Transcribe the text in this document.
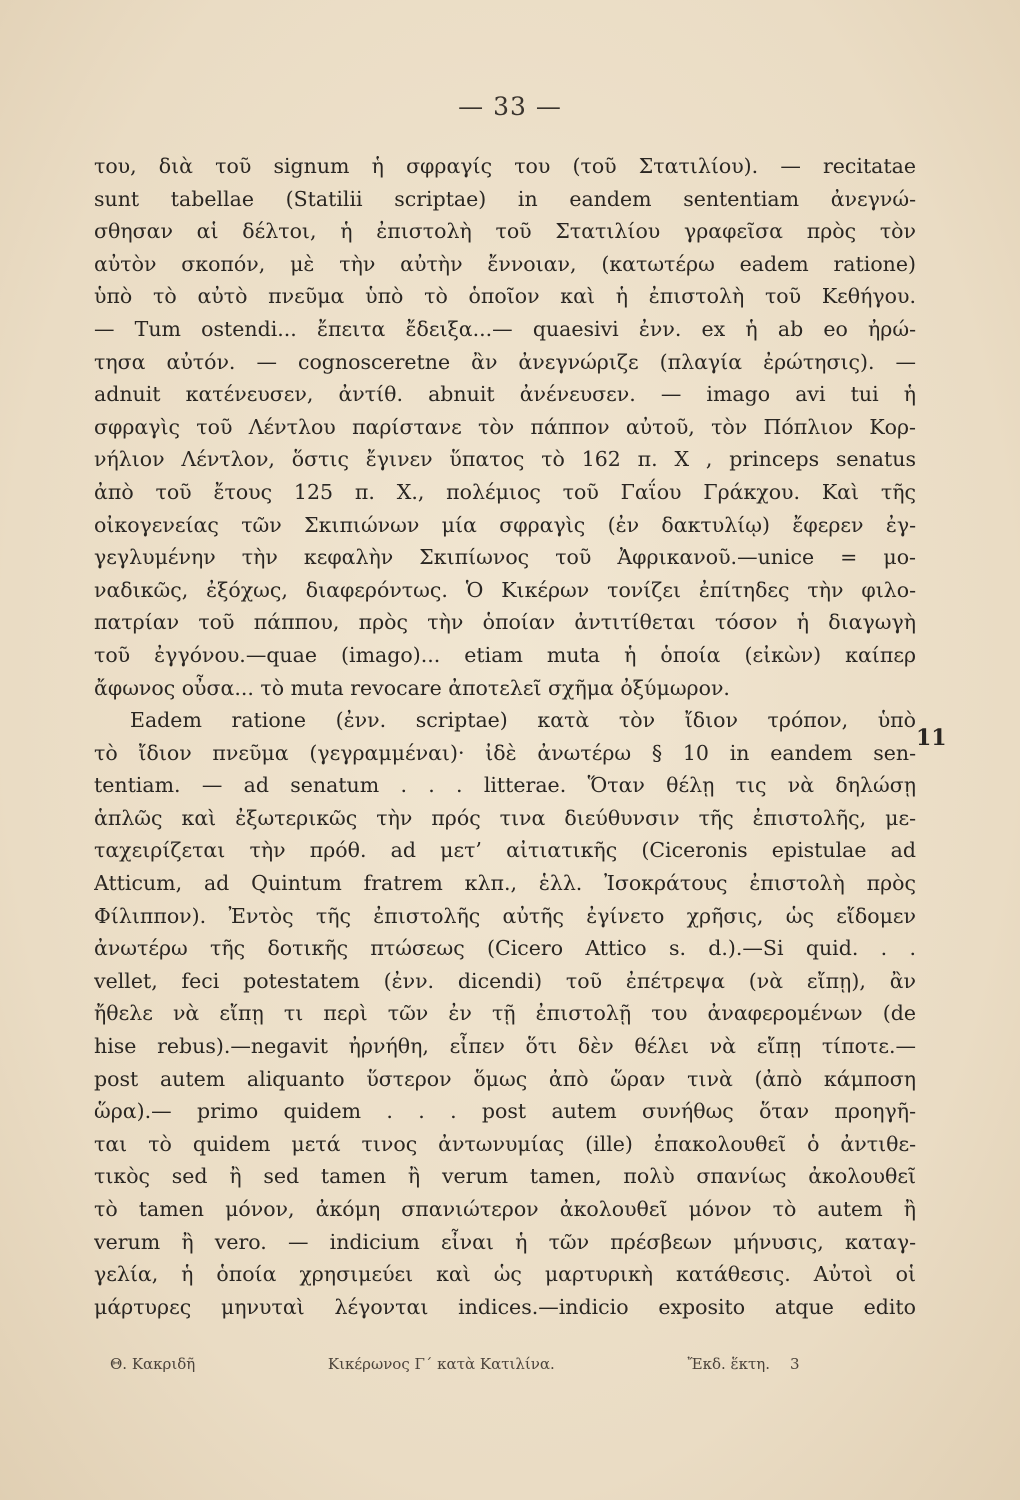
— 33 —
του, διὰ τοῦ signum ἡ σφραγίς του (τοῦ Στατιλίου). — recitatae
sunt tabellae (Statilii scriptae) in eandem sententiam ἀνεγνώ-
σθησαν αἱ δέλτοι, ἡ ἐπιστολὴ τοῦ Στατιλίου γραφεῖσα πρὸς τὸν
αὐτὸν σκοπόν, μὲ τὴν αὐτὴν ἔννοιαν, (κατωτέρω eadem ratione)
ὑπὸ τὸ αὐτὸ πνεῦμα ὑπὸ τὸ ὁποῖον καὶ ἡ ἐπιστολὴ τοῦ Κεθήγου.
— Tum ostendi... ἔπειτα ἔδειξα...— quaesivi ἐνν. ex ἡ ab eo ἠρώ-
τησα αὐτόν. — cognosceretne ἂν ἀνεγνώριζε (πλαγία ἐρώτησις). —
adnuit κατένευσεν, ἀντίθ. abnuit ἀνένευσεν. — imago avi tui ἡ
σφραγὶς τοῦ Λέντλου παρίστανε τὸν πάππον αὐτοῦ, τὸν Πόπλιον Κορ-
νήλιον Λέντλον, ὅστις ἔγινεν ὕπατος τὸ 162 π. Χ , princeps senatus
ἀπὸ τοῦ ἔτους 125 π. Χ., πολέμιος τοῦ Γαΐου Γράκχου. Καὶ τῆς
οἰκογενείας τῶν Σκιπιώνων μία σφραγὶς (ἐν δακτυλίῳ) ἔφερεν ἐγ-
γεγλυμένην τὴν κεφαλὴν Σκιπίωνος τοῦ Ἀφρικανοῦ.—unice = μο-
ναδικῶς, ἐξόχως, διαφερόντως. Ὁ Κικέρων τονίζει ἐπίτηδες τὴν φιλο-
πατρίαν τοῦ πάππου, πρὸς τὴν ὁποίαν ἀντιτίθεται τόσον ἡ διαγωγὴ
τοῦ ἐγγόνου.—quae (imago)... etiam muta ἡ ὁποία (εἰκὼν) καίπερ
ἄφωνος οὖσα... τὸ muta revocare ἀποτελεῖ σχῆμα ὀξύμωρον.
Eadem ratione (ἐνν. scriptae) κατὰ τὸν ἴδιον τρόπον, ὑπὸ
τὸ ἴδιον πνεῦμα (γεγραμμέναι)· ἰδὲ ἀνωτέρω § 10 in eandem sen-
tentiam. — ad senatum . . . litterae. Ὅταν θέλῃ τις νὰ δηλώσῃ
ἁπλῶς καὶ ἐξωτερικῶς τὴν πρός τινα διεύθυνσιν τῆς ἐπιστολῆς, με-
ταχειρίζεται τὴν πρόθ. ad μετ’ αἰτιατικῆς (Ciceronis epistulae ad
Atticum, ad Quintum fratrem κλπ., ἑλλ. Ἰσοκράτους ἐπιστολὴ πρὸς
Φίλιππον). Ἐντὸς τῆς ἐπιστολῆς αὐτῆς ἐγίνετο χρῆσις, ὡς εἴδομεν
ἀνωτέρω τῆς δοτικῆς πτώσεως (Cicero Attico s. d.).—Si quid. . .
vellet, feci potestatem (ἐνν. dicendi) τοῦ ἐπέτρεψα (νὰ εἴπῃ), ἂν
ἤθελε νὰ εἴπῃ τι περὶ τῶν ἐν τῇ ἐπιστολῇ του ἀναφερομένων (de
hise rebus).—negavit ἠρνήθη, εἶπεν ὅτι δὲν θέλει νὰ εἴπῃ τίποτε.—
post autem aliquanto ὕστερον ὅμως ἀπὸ ὥραν τινὰ (ἀπὸ κάμποση
ὥρα).— primo quidem . . . post autem συνήθως ὅταν προηγῆ-
ται τὸ quidem μετά τινος ἀντωνυμίας (ille) ἐπακολουθεῖ ὁ ἀντιθε-
τικὸς sed ἢ sed tamen ἢ verum tamen, πολὺ σπανίως ἀκολουθεῖ
τὸ tamen μόνον, ἀκόμη σπανιώτερον ἀκολουθεῖ μόνον τὸ autem ἢ
verum ἢ vero. — indicium εἶναι ἡ τῶν πρέσβεων μήνυσις, καταγ-
γελία, ἡ ὁποία χρησιμεύει καὶ ὡς μαρτυρικὴ κατάθεσις. Αὐτοὶ οἱ
μάρτυρες μηνυταὶ λέγονται indices.—indicio exposito atque edito
11
Θ. Κακριδῆ	Κικέρωνος Γ´ κατὰ Κατιλίνα.	Ἔκδ. ἕκτη. 3
